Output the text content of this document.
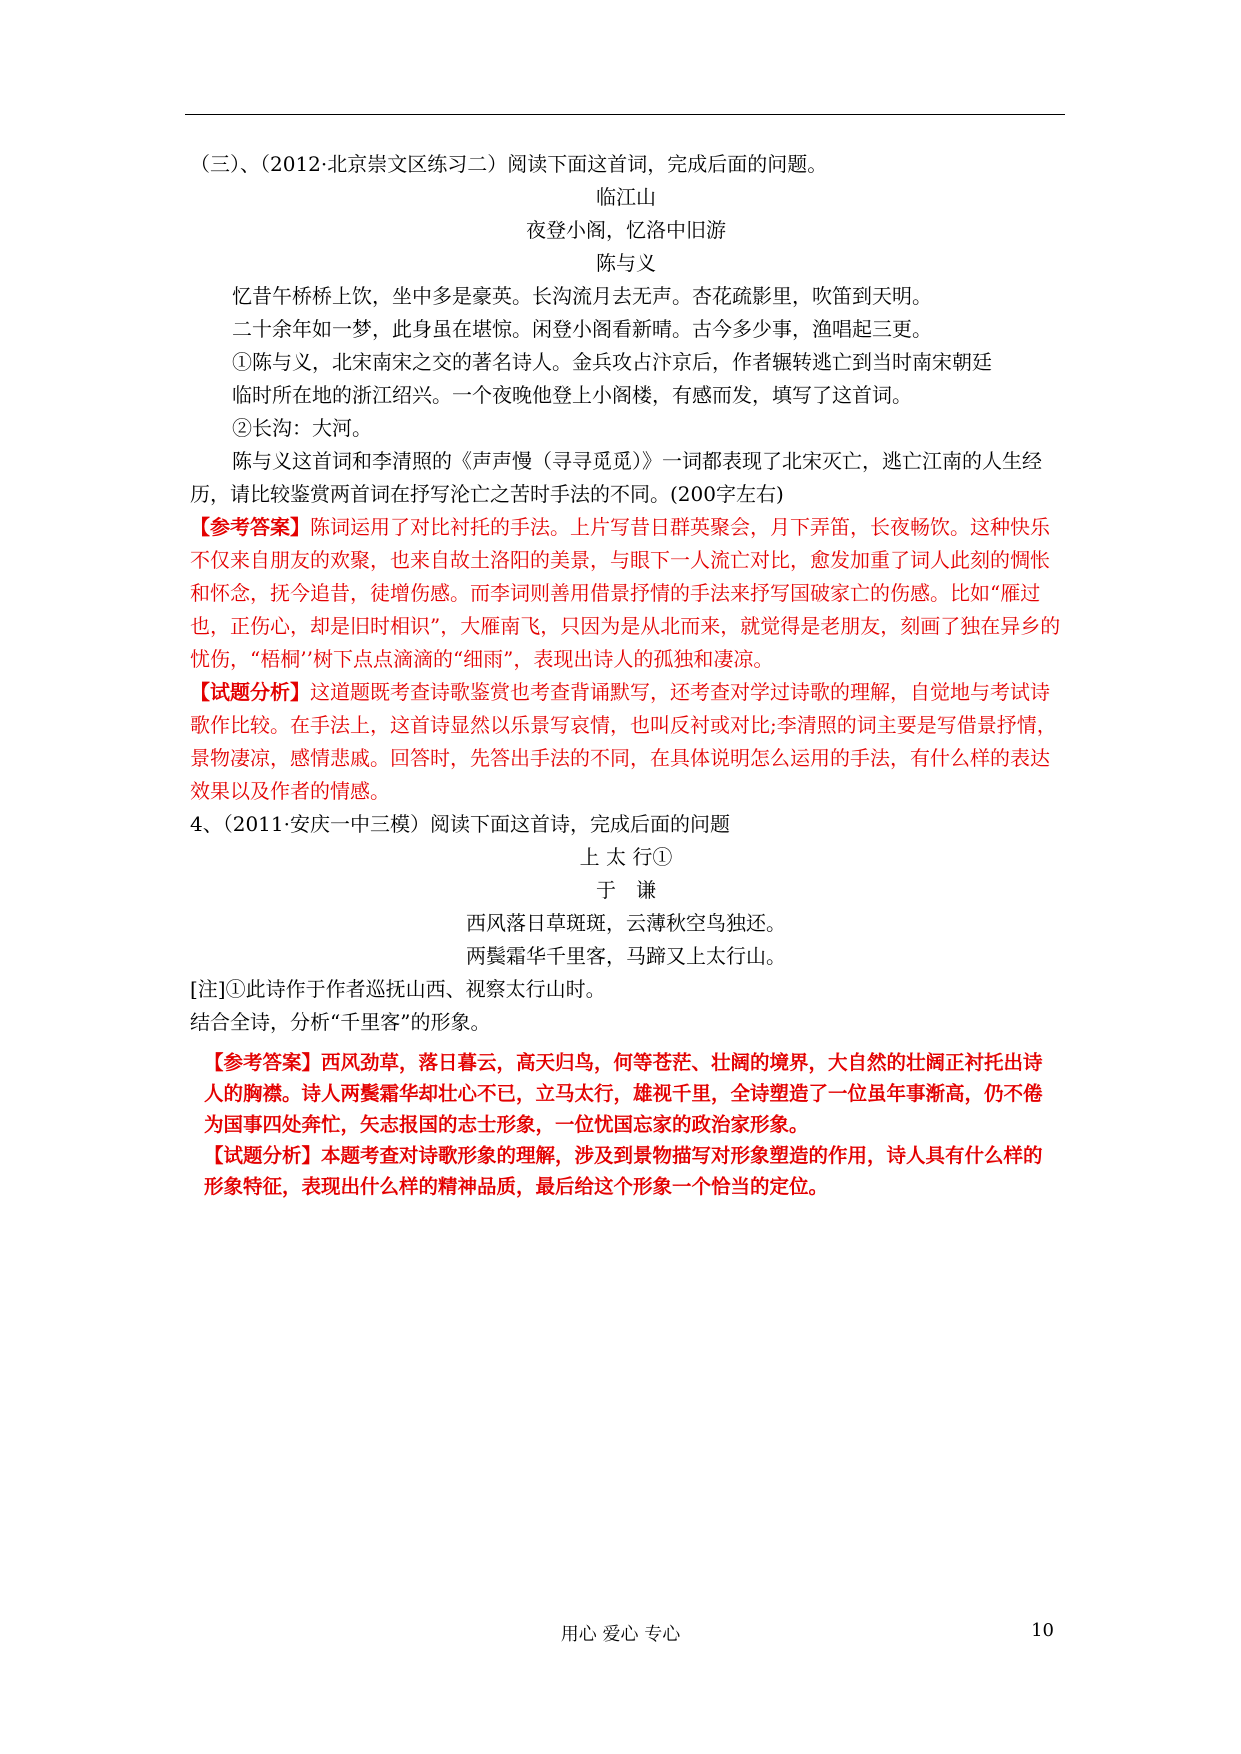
（三）、（2012·北京崇文区练习二）阅读下面这首词，完成后面的问题。
临江山
夜登小阁，忆洛中旧游
陈与义
忆昔午桥桥上饮，坐中多是豪英。长沟流月去无声。杏花疏影里，吹笛到天明。
二十余年如一梦，此身虽在堪惊。闲登小阁看新晴。古今多少事，渔唱起三更。
①陈与义，北宋南宋之交的著名诗人。金兵攻占汴京后，作者辗转逃亡到当时南宋朝廷
临时所在地的浙江绍兴。一个夜晚他登上小阁楼，有感而发，填写了这首词。
②长沟：大河。
陈与义这首词和李清照的《声声慢（寻寻觅觅）》一词都表现了北宋灭亡，逃亡江南的人生经历，请比较鉴赏两首词在抒写沦亡之苦时手法的不同。(200字左右)
【参考答案】陈词运用了对比衬托的手法。上片写昔日群英聚会，月下弄笛，长夜畅饮。这种快乐不仅来自朋友的欢聚，也来自故土洛阳的美景，与眼下一人流亡对比，愈发加重了词人此刻的惆怅和怀念，抚今追昔，徒增伤感。而李词则善用借景抒情的手法来抒写国破家亡的伤感。比如“雁过也，正伤心，却是旧时相识”，大雁南飞，只因为是从北而来，就觉得是老朋友，刻画了独在异乡的忧伤，“梧桐’’树下点点滴滴的“细雨”，表现出诗人的孤独和凄凉。
【试题分析】这道题既考查诗歌鉴赏也考查背诵默写，还考查对学过诗歌的理解，自觉地与考试诗歌作比较。在手法上，这首诗显然以乐景写哀情，也叫反衬或对比;李清照的词主要是写借景抒情，景物凄凉，感情悲戚。回答时，先答出手法的不同，在具体说明怎么运用的手法，有什么样的表达效果以及作者的情感。
4、（2011·安庆一中三模）阅读下面这首诗，完成后面的问题
上 太 行①
于　谦
西风落日草斑斑，云薄秋空鸟独还。
两鬓霜华千里客，马蹄又上太行山。
[注]①此诗作于作者巡抚山西、视察太行山时。
结合全诗，分析“千里客”的形象。
【参考答案】西风劲草，落日暮云，高天归鸟，何等苍茫、壮阔的境界，大自然的壮阔正衬托出诗人的胸襟。诗人两鬓霜华却壮心不已，立马太行，雄视千里，全诗塑造了一位虽年事渐高，仍不倦为国事四处奔忙，矢志报国的志士形象，一位忧国忘家的政治家形象。
【试题分析】本题考查对诗歌形象的理解，涉及到景物描写对形象塑造的作用，诗人具有什么样的形象特征，表现出什么样的精神品质，最后给这个形象一个恰当的定位。
用心 爱心 专心	10
